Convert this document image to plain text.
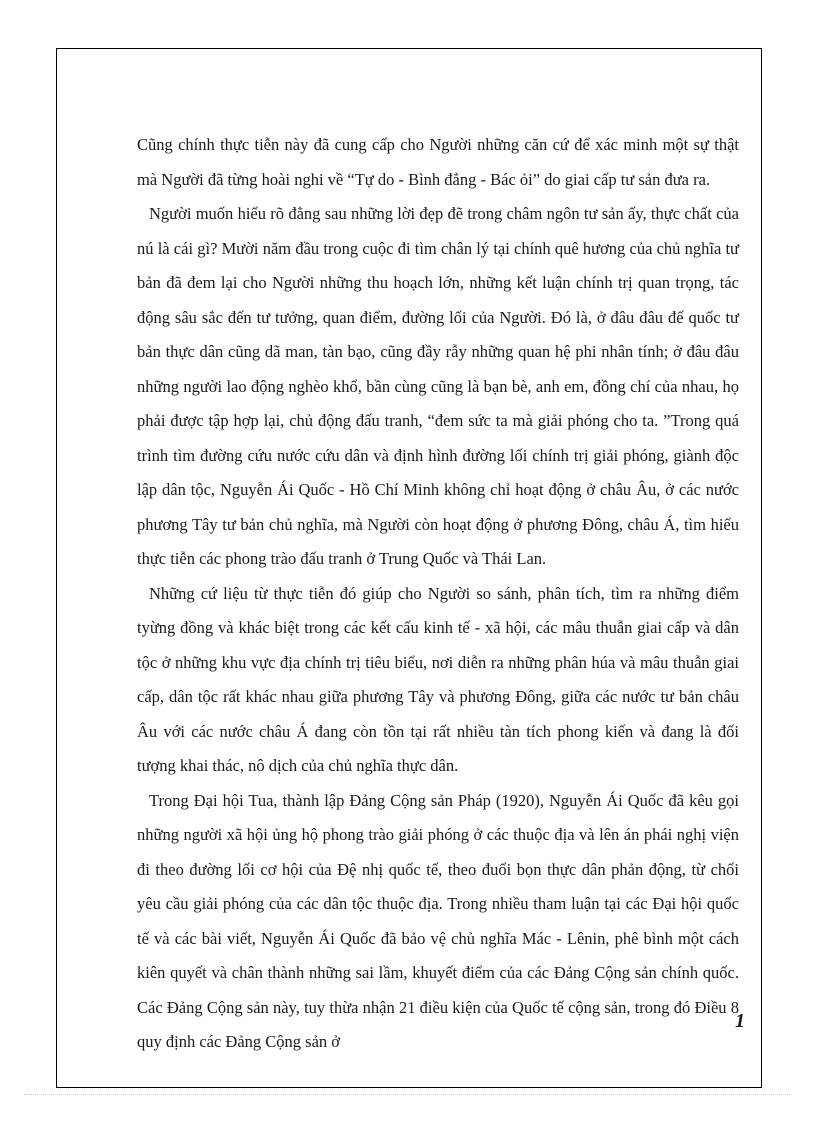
Cũng chính thực tiễn này đã cung cấp cho Người những căn cứ để xác minh một sự thật mà Người đã từng hoài nghi về “Tự do - Bình đẳng - Bác ỏi” do giai cấp tư sản đưa ra.

Người muốn hiểu rõ đằng sau những lời đẹp đẽ trong châm ngôn tư sản ấy, thực chất của nú là cái gì? Mười năm đầu trong cuộc đi tìm chân lý tại chính quê hương của chủ nghĩa tư bản đã đem lại cho Người những thu hoạch lớn, những kết luận chính trị quan trọng, tác động sâu sắc đến tư tưởng, quan điểm, đường lối của Người. Đó là, ở đâu đâu đế quốc tư bản thực dân cũng dã man, tàn bạo, cũng đầy rẫy những quan hệ phi nhân tính; ở đâu đâu những người lao động nghèo khổ, bần cùng cũng là bạn bè, anh em, đồng chí của nhau, họ phải được tập hợp lại, chủ động đấu tranh, “đem sức ta mà giải phóng cho ta. ”Trong quá trình tìm đường cứu nước cứu dân và định hình đường lối chính trị giải phóng, giành độc lập dân tộc, Nguyễn Ái Quốc - Hồ Chí Minh không chỉ hoạt động ở châu Âu, ở các nước phương Tây tư bản chủ nghĩa, mà Người còn hoạt động ở phương Đông, châu Á, tìm hiểu thực tiễn các phong trào đấu tranh ở Trung Quốc và Thái Lan.

Những cứ liệu từ thực tiễn đó giúp cho Người so sánh, phân tích, tìm ra những điểm tyừng đồng và khác biệt trong các kết cấu kinh tế - xã hội, các mâu thuẫn giai cấp và dân tộc ở những khu vực địa chính trị tiêu biểu, nơi diễn ra những phân húa và mâu thuẫn giai cấp, dân tộc rất khác nhau giữa phương Tây và phương Đông, giữa các nước tư bản châu Âu với các nước châu Á đang còn tồn tại rất nhiều tàn tích phong kiến và đang là đối tượng khai thác, nô dịch của chủ nghĩa thực dân.

Trong Đại hội Tua, thành lập Đảng Cộng sản Pháp (1920), Nguyễn Ái Quốc đã kêu gọi những người xã hội ủng hộ phong trào giải phóng ở các thuộc địa và lên án phái nghị viện đi theo đường lối cơ hội của Đệ nhị quốc tế, theo đuổi bọn thực dân phản động, từ chối yêu cầu giải phóng của các dân tộc thuộc địa. Trong nhiều tham luận tại các Đại hội quốc tế và các bài viết, Nguyễn Ái Quốc đã bảo vệ chủ nghĩa Mác - Lênin, phê bình một cách kiên quyết và chân thành những sai lầm, khuyết điểm của các Đảng Cộng sản chính quốc. Các Đảng Cộng sản này, tuy thừa nhận 21 điều kiện của Quốc tế cộng sản, trong đó Điều 8 quy định các Đảng Cộng sản ở

1
